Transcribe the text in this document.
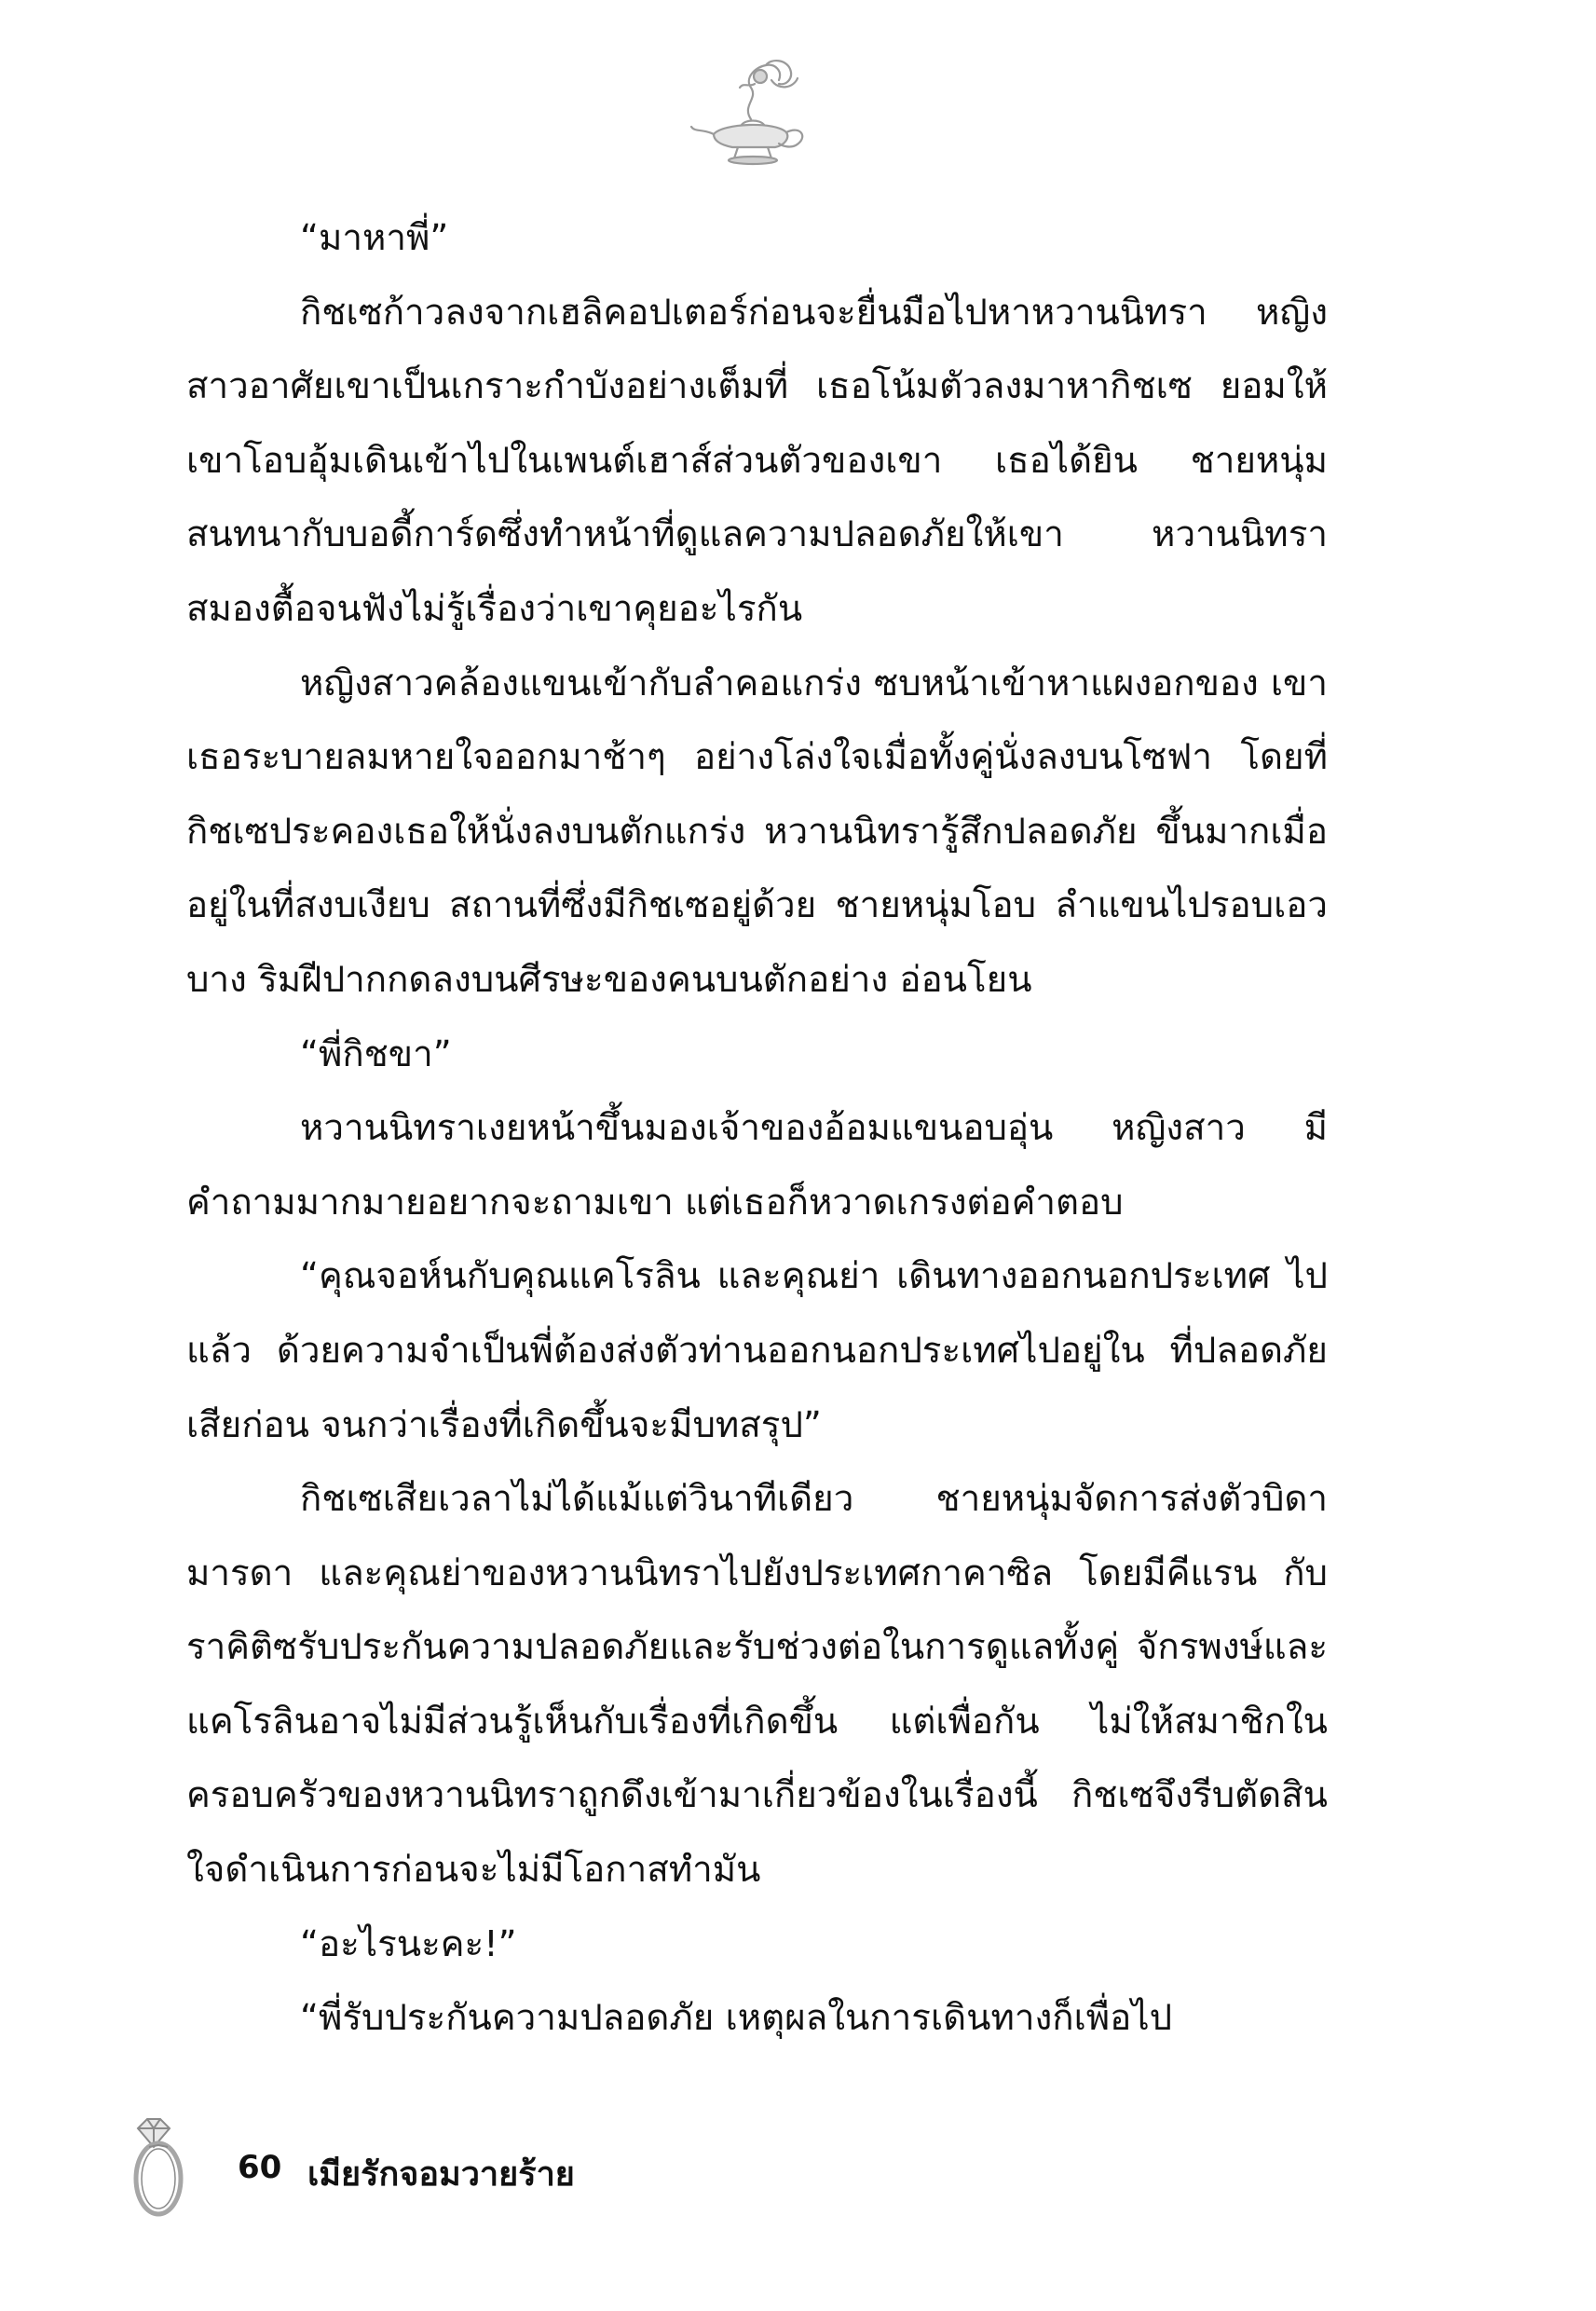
“มาหาพี่”

กิชเซก้าวลงจากเฮลิคอปเตอร์ก่อนจะยื่นมือไปหาหวานนิทรา หญิงสาวอาศัยเขาเป็นเกราะกำบังอย่างเต็มที่ เธอโน้มตัวลงมาหากิชเซ ยอมให้เขาโอบอุ้มเดินเข้าไปในเพนต์เฮาส์ส่วนตัวของเขา เธอได้ยิน ชายหนุ่มสนทนากับบอดี้การ์ดซึ่งทำหน้าที่ดูแลความปลอดภัยให้เขา หวานนิทราสมองตื้อจนฟังไม่รู้เรื่องว่าเขาคุยอะไรกัน

หญิงสาวคล้องแขนเข้ากับลำคอแกร่ง ซบหน้าเข้าหาแผงอกของ เขา เธอระบายลมหายใจออกมาช้าๆ อย่างโล่งใจเมื่อทั้งคู่นั่งลงบนโซฟา โดยที่กิชเซประคองเธอให้นั่งลงบนตักแกร่ง หวานนิทรารู้สึกปลอดภัย ขึ้นมากเมื่ออยู่ในที่สงบเงียบ สถานที่ซึ่งมีกิชเซอยู่ด้วย ชายหนุ่มโอบ ลำแขนไปรอบเอวบาง ริมฝีปากกดลงบนศีรษะของคนบนตักอย่าง อ่อนโยน

“พี่กิชขา”

หวานนิทราเงยหน้าขึ้นมองเจ้าของอ้อมแขนอบอุ่น หญิงสาว มีคำถามมากมายอยากจะถามเขา แต่เธอก็หวาดเกรงต่อคำตอบ

“คุณจอห์นกับคุณแคโรลิน และคุณย่า เดินทางออกนอกประเทศ ไปแล้ว ด้วยความจำเป็นพี่ต้องส่งตัวท่านออกนอกประเทศไปอยู่ใน ที่ปลอดภัยเสียก่อน จนกว่าเรื่องที่เกิดขึ้นจะมีบทสรุป”

กิชเซเสียเวลาไม่ได้แม้แต่วินาทีเดียว ชายหนุ่มจัดการส่งตัวบิดา มารดา และคุณย่าของหวานนิทราไปยังประเทศกาคาซิล โดยมีคีแรน กับราคิติซรับประกันความปลอดภัยและรับช่วงต่อในการดูแลทั้งคู่ จักรพงษ์และแคโรลินอาจไม่มีส่วนรู้เห็นกับเรื่องที่เกิดขึ้น แต่เพื่อกัน ไม่ให้สมาชิกในครอบครัวของหวานนิทราถูกดึงเข้ามาเกี่ยวข้องในเรื่องนี้ กิชเซจึงรีบตัดสินใจดำเนินการก่อนจะไม่มีโอกาสทำมัน

“อะไรนะคะ!”

“พี่รับประกันความปลอดภัย เหตุผลในการเดินทางก็เพื่อไป

60 เมียรักจอมวายร้าย
